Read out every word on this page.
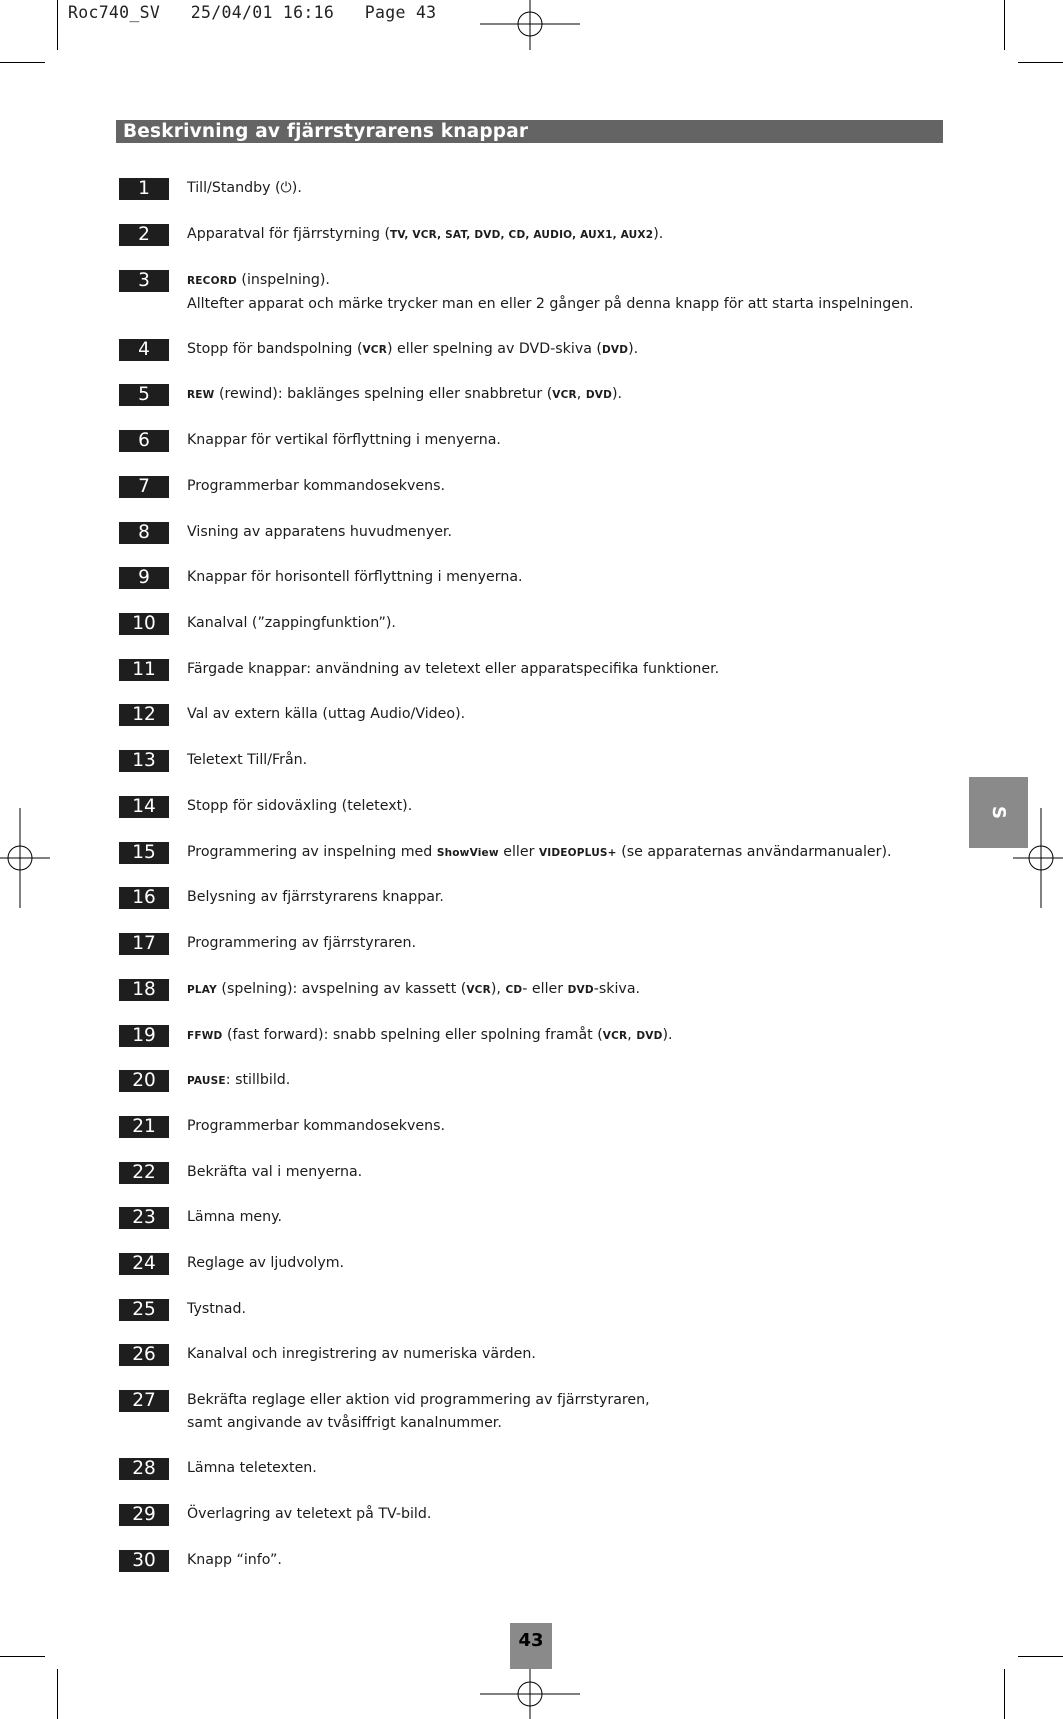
Roc740_SV   25/04/01 16:16   Page 43
Beskrivning av fjärrstyrarens knappar
1	Till/Standby (⏻).
2	Apparatval för fjärrstyrning (TV, VCR, SAT, DVD, CD, AUDIO, AUX1, AUX2).
3	RECORD (inspelning).
Alltefter apparat och märke trycker man en eller 2 gånger på denna knapp för att starta inspelningen.
4	Stopp för bandspolning (VCR) eller spelning av DVD-skiva (DVD).
5	REW (rewind): baklänges spelning eller snabbretur (VCR, DVD).
6	Knappar för vertikal förflyttning i menyerna.
7	Programmerbar kommandosekvens.
8	Visning av apparatens huvudmenyer.
9	Knappar för horisontell förflyttning i menyerna.
10	Kanalval (”zappingfunktion”).
11	Färgade knappar: användning av teletext eller apparatspecifika funktioner.
12	Val av extern källa (uttag Audio/Video).
13	Teletext Till/Från.
14	Stopp för sidoväxling (teletext).
15	Programmering av inspelning med ShowView eller VIDEOPLUS+ (se apparaternas användarmanualer).
16	Belysning av fjärrstyrarens knappar.
17	Programmering av fjärrstyraren.
18	PLAY (spelning): avspelning av kassett (VCR), CD- eller DVD-skiva.
19	FFWD (fast forward): snabb spelning eller spolning framåt (VCR, DVD).
20	PAUSE: stillbild.
21	Programmerbar kommandosekvens.
22	Bekräfta val i menyerna.
23	Lämna meny.
24	Reglage av ljudvolym.
25	Tystnad.
26	Kanalval och inregistrering av numeriska värden.
27	Bekräfta reglage eller aktion vid programmering av fjärrstyraren,
samt angivande av tvåsiffrigt kanalnummer.
28	Lämna teletexten.
29	Överlagring av teletext på TV-bild.
30	Knapp “info”.
S
43
